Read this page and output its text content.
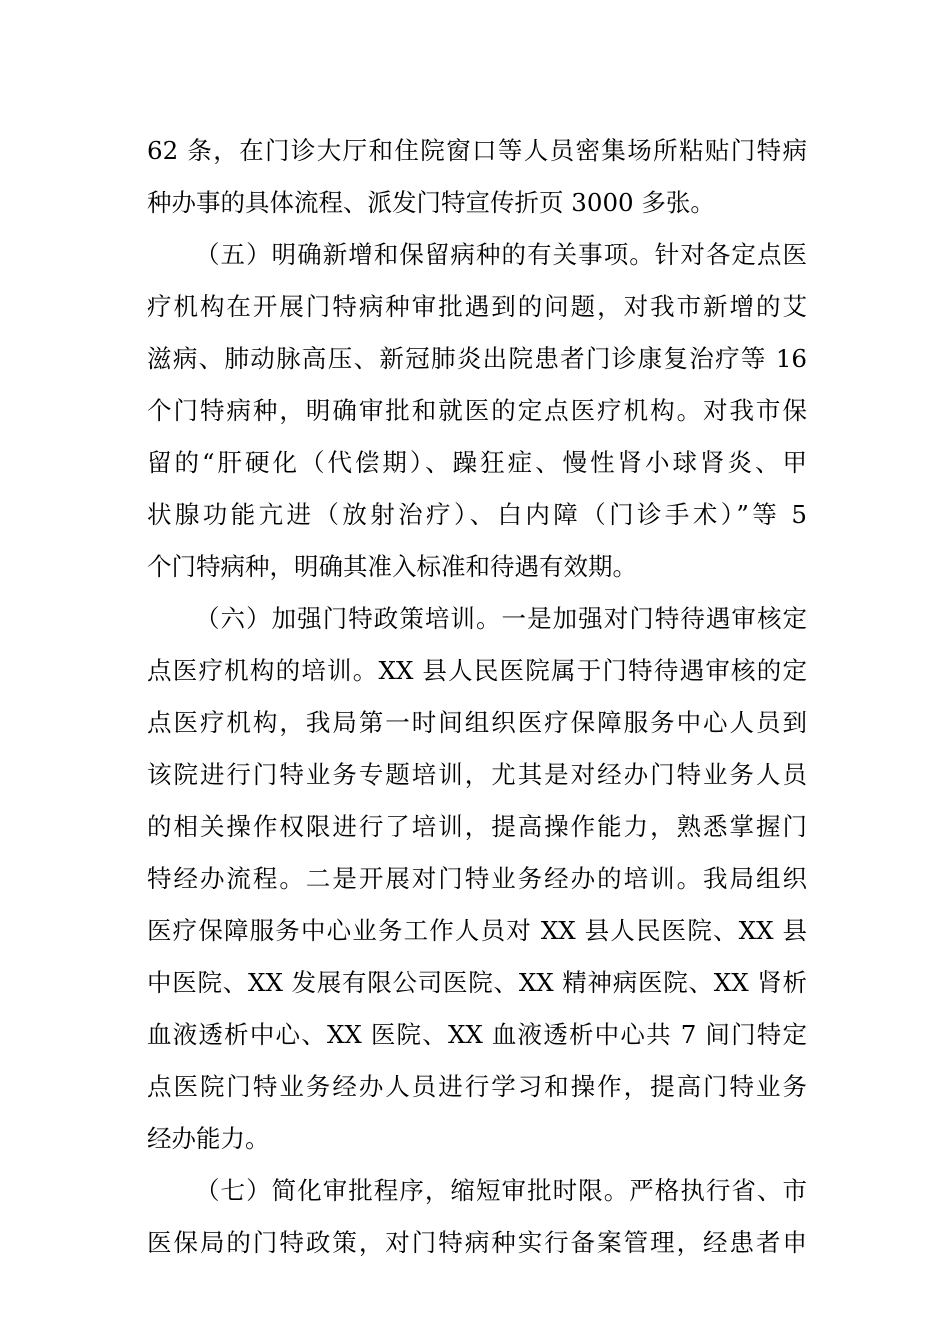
62 条，在门诊大厅和住院窗口等人员密集场所粘贴门特病
种办事的具体流程、派发门特宣传折页 3000 多张。
（五）明确新增和保留病种的有关事项。针对各定点医
疗机构在开展门特病种审批遇到的问题，对我市新增的艾
滋病、肺动脉高压、新冠肺炎出院患者门诊康复治疗等 16
个门特病种，明确审批和就医的定点医疗机构。对我市保
留的“肝硬化（代偿期）、躁狂症、慢性肾小球肾炎、甲
状腺功能亢进（放射治疗）、白内障（门诊手术）”等 5
个门特病种，明确其准入标准和待遇有效期。
（六）加强门特政策培训。一是加强对门特待遇审核定
点医疗机构的培训。XX 县人民医院属于门特待遇审核的定
点医疗机构，我局第一时间组织医疗保障服务中心人员到
该院进行门特业务专题培训，尤其是对经办门特业务人员
的相关操作权限进行了培训，提高操作能力，熟悉掌握门
特经办流程。二是开展对门特业务经办的培训。我局组织
医疗保障服务中心业务工作人员对 XX 县人民医院、XX 县
中医院、XX 发展有限公司医院、XX 精神病医院、XX 肾析
血液透析中心、XX 医院、XX 血液透析中心共 7 间门特定
点医院门特业务经办人员进行学习和操作，提高门特业务
经办能力。
（七）简化审批程序，缩短审批时限。严格执行省、市
医保局的门特政策，对门特病种实行备案管理，经患者申
